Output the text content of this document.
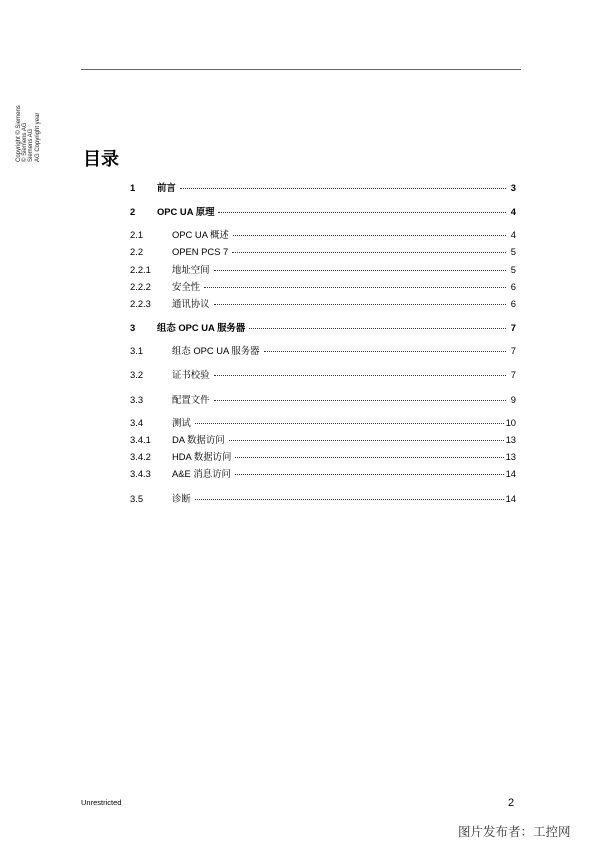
Copyright © Siemens © Siemens AG Siemens AG AG Copyright year 目录
1	前言	3
2	OPC UA 原理	4
2.1	OPC UA 概述	4
2.2	OPEN PCS 7	5
2.2.1	地址空间	5
2.2.2	安全性	6
2.2.3	通讯协议	6
3	组态 OPC UA 服务器	7
3.1	组态 OPC UA 服务器	7
3.2	证书校验	7
3.3	配置文件	9
3.4	测试	10
3.4.1	DA 数据访问	13
3.4.2	HDA 数据访问	13
3.4.3	A&E 消息访问	14
3.5	诊断	14
Unrestricted	2
图片发布者：工控网
